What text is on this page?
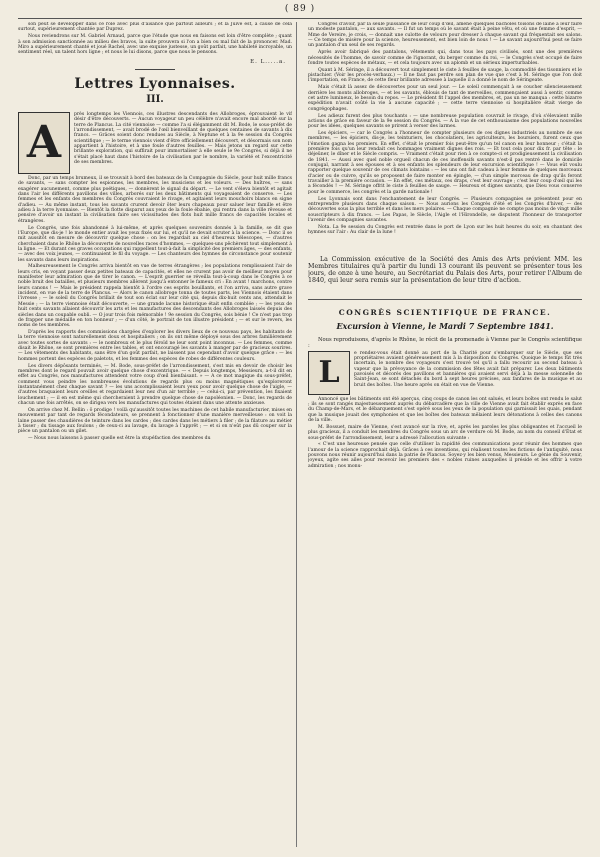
( 89 )

son peut se développer dans ce rôle avec plus d'aisance que partout ailleurs ; et la Juive est, à cause de cela surtout, supérieurement chantée par Duprez.

Nous reviendrons sur M. Gabriel Arnaud, parce que l'étude que nous en faisons est loin d'être complète ; quant à son admission sanctionnée au milieu des bravos, la suite prouvera si l'on a bien ou mal fait de la prononcer. Mad. Miro a supérieurement chanté et joué Rachel, avec une exquise justesse, un goût parfait, une habileté incroyable, un sentiment réel, un talent hors ligne ; et nous le lui disons, parce que nous le pensons.

E. L.....a.
Lettres Lyonnaises.
III.
A

près longtemps les Viennois, ces illustres descendants des Allobroges, éprouvaient le vif désir d'être découverts. — Aucun voyageur un peu célèbre n'avait encore mal abordé sur la terre de Plancus. La cité viennoise — comme l'a si élégamment dit M. Bode, le sous-préfet de l'arrondissement, — avait brodé de l'œil bienveillant de quelques centaines de savants à dix francs. — Grâces soient donc rendues au Siècle, à Neptune et à la 9e session du Congrès scientifique ; — le terme viennois vient d'être officiellement découvert, et désormais son nom appartient à l'histoire, et à une foule d'autres feuilles. — Mais jetons un regard sur cette brillante exploration, qui suffirait pour immortaliser à elle seule le 9e Congrès, si déjà il ne s'était placé haut dans l'histoire de la civilisation par le nombre, la variété et l'excentricité de ses membres.

Donc, par un temps brumeux, il se trouvait à bord des bateaux de la Compagnie du Siècle, pour huit mille francs de savants, — sans compter les espionnes, les membres, les musiciens et les voleurs. — Des huîtres, — sans exagérer aucunement, comme plus poétiques, — donnèrent le signal du départ. — Le vent s'éleva bientôt et agitait dans l'air les différents pavillons des villes, arborés sur les deux bâtiments qui voyageaient de conserve. — Les femmes et les enfants des membres du Congrès couvraient le rivage, et agitaient leurs mouchoirs blancs en signe d'adieu. — Au même instant, tous les savants crurent devoir ôter leurs chapeaux pour saluer leur famille et être adieu à la terre lyonnaise. — Bientôt la flotte disparut aux yeux de la foule ébahie, qui rentra dans la ville rêveuse et pensive d'avoir un instant la civilisation faire ses vicissitudes des flots huit mille francs de capacités locales et étrangères.

Le Congrès, une fois abandonné à lui-même, et après quelques souvenirs donnés à la famille, se dit que l'Europe, que dis-je ! le monde entier avait les yeux fixés sur lui, et qu'il ne devait scruter à la science. — Donc il se mit aussitôt en mesure de découvrir quelque chose : on les regardait au ciel d'heureux télescopes, — d'autres cherchaient dans le Rhône la découverte de nouvelles races d'hommes, — quelques-uns pêchèrent tout simplement à la ligne. — Et durant ces graves occupations qui rappellent tout-à-fait la simplicité des premiers âges, — des enfants, — avec des voix jeunes, — continuaient le fil du voyage. — Les chanteurs des hymnes de circonstance pour soutenir les savants dans leurs inspirations.

Malheureusement le Congrès arriva bientôt en vue de terres étrangères ; les populations remplissaient l'air de leurs cris, en voyant passer deux petites bateaux de capacités, et elles ne crurent pas avoir de meilleur moyen pour manifester leur admiration que de tirer le canon. — L'esprit guerrier se réveilla tout-à-coup dans le Congrès à ce noble bruit des batailles, et plusieurs membres allèrent jusqu'à entonner le fameux cri : En avant ! marchons, contre leurs canons ! — Mais le président rappela bientôt à l'ordre ces esprits bouillants, et l'on arriva, sans autre grave incident, en vue de la terre de Plancus. — Alors le canon allobroge tonna de toutes parts, les Viennois étaient dans l'ivresse ; — le soleil du Congrès brillait de tout son éclat sur leur cité qui, depuis dix-huit cents ans, attendait le Messie ; — la terre viennoise était découverte, — une grande lacune historique était enfin comblée ; — les yeux de huit cents savants allaient découvrir les arts et les manufactures des descendants des Allobroges laissés depuis des siècles dans un coupable oubli. — O jour trois fois mémorable ! 9e session du Congrès, sois bénie ! Ce n'est pas trop de frapper une médaille en ton honneur ; — d'un côté, le portrait de ton illustre président ; — et sur le revers, les noms de tes membres.

D'après les rapports des commissions chargées d'explorer les divers lieux de ce nouveau pays, les habitants de la terre viennoise sont naturellement doux et hospitaliers ; on ils ont même déployé sous des arbres familièrement avec toutes sortes de savants : — le nombreux et le plus féroïd ne leur sont point inconnus. — Les femmes, comme disait le Rhône, se sont premières entre les tables, et ont encouragé les savants à manger par de gracieux sourires. — Les vêtements des habitants, sans être d'un goût parfait, ne laissent pas cependant d'avoir quelque grâce : — les hommes portent des espèces de paletots, et les femmes des espèces de robes de différentes couleurs.

Les divers dépôsants terminés, — M. Bode, sous-préfet de l'arrondissement, s'est mis en devoir de choisir les membres dont le regard pouvait avoir quelque chose d'excentrique. — « Depuis longtemps, Messieurs, a-t-il dit en effet au Congrès, nos manufactures attendent votre coup d'œil bienfaisant. » — A ce mot magique du sous-préfet, comment vous peindre les nombreuses évolutions de regards plus ou moins magnétiques qu'exploreront instantanément chez chaque savant ? — les uns accomplissaient leurs yeux pour avoir quelque chose de l'aigle, — d'autres braquaient leurs oreilles et regardaient leur nez d'un air terrible ; — celui-ci, par prévention, les fixaient louchement ; — il en est même qui chercheraient à prendre quelque chose de napoléonien. — Donc, les regards de chacun une fois arrêtés, on se dirigea vers les manufactures qui toutes étaient dans une attente anxieuse.

On arrive chez M. Bellin : ô prodige ! voilà qu'aussitôt toutes les machines de cet habile manufacturier, mises en mouvement par tant de regards fécondateurs, se prennent à fonctionner d'une manière merveilleuse : on voit la laine passer des chaudières de teinture dans les cardes ; des cardes dans les métiers à filer ; de la filature au métier à tisser ; du tissage aux foulons ; de ceux-ci au lavage, du lavage à l'apprêt ; — et si on n'eût pas dû couper sur la pièce un pantalon ou un gilet.

— Nous nous laissons à passer quelle est être la stupéfaction des membres du

Congrès d'avoir, par la seule puissance de leur coup d'œil, amené quelques bâcholes toisons de laine à leur faire un modeste pantalon, — aux savants. — Il fut un temps où le savant était à peine vêtu, et où une femme d'esprit, — Mme de Vereire, je crois, — donnait une culotte de velours pour dresser à chaque savant qui fréquentait ses salons. — Ce temps de misère pour la science, heureusement, est bien loin de nous ! — Le savant aujourd'hui peut se faire un pantalon d'un seul de ses regards.

Après avoir fabriqué des pantalons, vêtements qui, dans tous les pays civilisés, sont une des premières nécessités de l'homme, de savoir comme de l'ignorant, du berger comme du roi, — le Congrès s'est occupé de faire fondre toutes espèces de métaux, — et cela toujours avec un aplomb et un sérieux imperturbables.

Quant à M. Séringe, il a découvert tout simplement le ciste à feuilles de sauge, la commodité des tisonniers et le pistachier. (Voir les procès-verbaux.) — Il ne faut pas perdre son plan de vue que c'est à M. Séringe que l'on doit l'importation, en France, de cette fleur brillante adressée à laquelle il a donné le nom de Séringeate.

Mais c'était là assez de découvertes pour un seul jour. — Le soleil commençait à se coucher silencieusement derrière les monts allobroges, — et les savants, éblouis de tant de merveilles, commençaient aussi à sentir, comme cet astre lumineux, le besoin du repos. — Le président fit l'appel des membres, et, pas un ne manqua : cette bizarre expédition n'avait coûté la vie à aucune capacité ; — cette terre viennoise si hospitalière était vierge de congrégophages.

Les adieux furent des plus touchants : — une nombreuse population couvrait le rivage, d'où s'élevaient mille actions de grâce en faveur de la 9e session du Congrès. — A la vue de cet enthousiasme des populations nouvelles pour les idées, quelques savants se prirent à verser des larmes.

Les épiciers, — car le Congrès a l'honneur de compter plusieurs de ces dignes industriels au nombre de ses membres, — les épiciers, dis-je, les teinturiers, les chocolatiers, les agriculteurs, les boursiers, furent ceux que l'émotion gagna les premiers. En effet, c'était le premier fois peut-être qu'un tel canon en leur honneur ; c'était la première fois qu'un leur rendait ces hommages vraiment dignes des rois. — Et tout cela pour dix fr. par tête : le déjeûner, le dîner et le Siècle compris. — Vraiment c'était pour rien à ce compte-ci et prodigieusement la civilisation de 1841. — Aussi avec quel noble orgueil chacun de ces inoffensifs savants n'est-il pas rentré dans le domicile conjugal, narrant à ses épouses et à ses enfants les splendeurs de leur excursion scientifique ! — Vous eût voulu rapporter quelque souvenir de ces climats lointains : — les uns ont fait cadeau à leur femme de quelques morceaux d'acier ou de cuivre, qu'ils se proposent de faire monter en épingle, — d'un simple morceau de drap qu'ils feront travailler à la première occasion. — En effet, ces métaux, ces draps, c'est leur ouvrage ; c'est leur coup d'œil qui les a fécondés ! — M. Séringe offrit le ciste à feuilles de sauge. — Heureux et dignes savants, que Dieu vous conserve pour le commerce, les congrès et la garde nationale !

Les Lyonnais sont dans l'enchantement de leur Congrès. — Plusieurs compagnies se présentent pour en entreprendre plusieurs dans chaque saison. — Nous aurions les Congrès d'été et les Congrès d'hiver, — des découvertes sous la plus terrible et dans les mers polaires. — Chaque compagnie ne compte pas moins de vingt mille souscripteurs à dix francs. — Les Papas, le Siècle, l'Aigle et l'Hirondelle, se disputent l'honneur de transporter l'avenir des compagnies savantes.

Nota. La 9e session du Congrès est rentrée dans le port de Lyon sur les huit heures du soir, en chantant des hymnes sur l'air : Au clair de la lune !

La Commission exécutive de la Société des Amis des Arts prévient MM. les Membres titulaires qu'à partir du lundi 13 courant ils peuvent se présenter tous les jours, de onze à une heure, au Secrétariat du Palais des Arts, pour retirer l'Album de 1840, qui leur sera remis sur la présentation de leur titre d'action.

CONGRÈS SCIENTIFIQUE DE FRANCE.
Excursion à Vienne, le Mardi 7 Septembre 1841.

Nous reproduisons, d'après le Rhône, le récit de la promenade à Vienne par le Congrès scientifique :

L

e rendez-vous était donné au port de la Charité pour s'embarquer sur le Siècle, que ses propriétaires avaient généreusement mis à la disposition du Congrès. Quoique le temps fût très incertain, le nombre des voyageurs s'est trouvé tel qu'il a fallu recourir au second bateau à vapeur que la prévoyance de la commission des fêtes avait fait préparer. Les deux bâtiments pavoisés et décorés des pavillons et bannières qui avaient servi déjà à la messe solennelle de Saint-Jean, se sont détachés du bord à sept heures précises, aux fanfares de la musique et au bruit des boîtes. Une heure après on était en vue de Vienne.

Annoncé que les bâtiments ont été aperçus, cinq coups de canon les ont salués, et leurs boîtes ont rendu le salut ; ils se sont rangés majestueusement auprès du débarcadère que la ville de Vienne avait fait établir exprès en face du Champ-de-Mars, et le débarquement s'est opéré sous les yeux de la population qui garnissait les quais, pendant que la musique jouait des symphonies et que les boîtes des bateaux mêlaient leurs détonations à celles des canons de la ville.

M. Bossuet, maire de Vienne, s'est avancé sur la rive, et, après les paroles les plus obligeantes et l'accueil le plus gracieux, il a conduit les membres du Congrès sous un arc de verdure où M. Bode, au nom du conseil d'État et sous-préfet de l'arrondissement, leur a adressé l'allocution suivante :

« C'est une heureuse pensée que celle d'utiliser la rapidité des communications pour réunir des hommes que l'amour de la science rapprochait déjà. Grâces à ces inventions, qui réalisent toutes les fictions de l'antiquité, nous pouvons nous réunir aujourd'hui dans la patrie de Plancus. Soyez-y les bien venus, Messieurs. Le génie du Souvenir, joyeux, agite ses ailes pour recevoir les premiers des « nobles ruines auxquelles il préside et les offrir à votre admiration ; nos monu-
